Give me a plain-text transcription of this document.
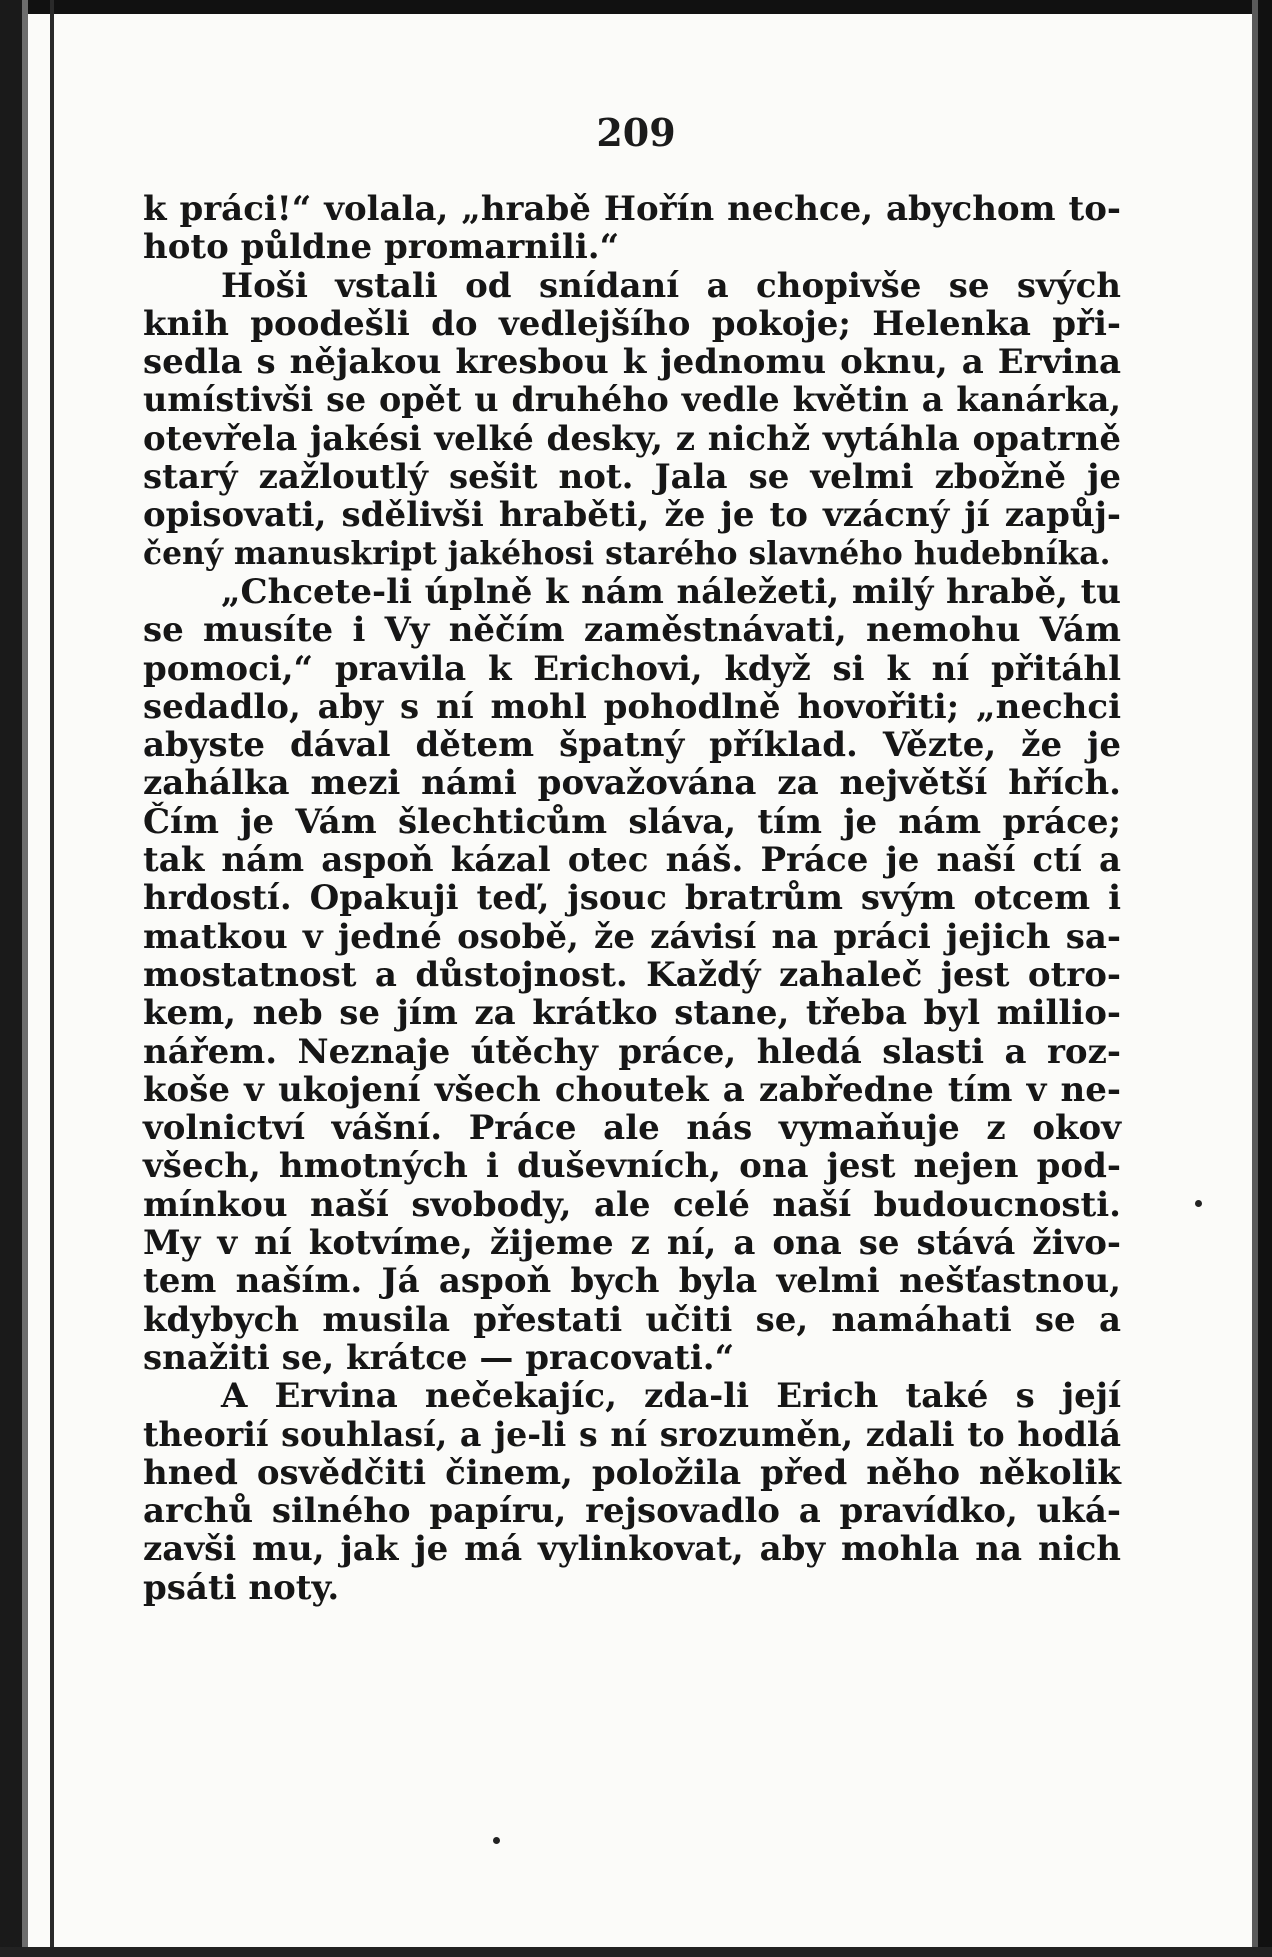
209
k práci!“ volala, „hrabě Hořín nechce, abychom to-
hoto půldne promarnili.“
Hoši vstali od snídaní a chopivše se svých
knih poodešli do vedlejšího pokoje; Helenka při-
sedla s nějakou kresbou k jednomu oknu, a Ervina
umístivši se opět u druhého vedle květin a kanárka,
otevřela jakési velké desky, z nichž vytáhla opatrně
starý zažloutlý sešit not. Jala se velmi zbožně je
opisovati, sdělivši hraběti, že je to vzácný jí zapůj-
čený manuskript jakéhosi starého slavného hudebníka.
„Chcete-li úplně k nám náležeti, milý hrabě, tu
se musíte i Vy něčím zaměstnávati, nemohu Vám
pomoci,“ pravila k Erichovi, když si k ní přitáhl
sedadlo, aby s ní mohl pohodlně hovořiti; „nechci
abyste dával dětem špatný příklad. Vězte, že je
zahálka mezi námi považována za největší hřích.
Čím je Vám šlechticům sláva, tím je nám práce;
tak nám aspoň kázal otec náš. Práce je naší ctí a
hrdostí. Opakuji teď, jsouc bratrům svým otcem i
matkou v jedné osobě, že závisí na práci jejich sa-
mostatnost a důstojnost. Každý zahaleč jest otro-
kem, neb se jím za krátko stane, třeba byl millio-
nářem. Neznaje útěchy práce, hledá slasti a roz-
koše v ukojení všech choutek a zabředne tím v ne-
volnictví vášní. Práce ale nás vymaňuje z okov
všech, hmotných i duševních, ona jest nejen pod-
mínkou naší svobody, ale celé naší budoucnosti.
My v ní kotvíme, žijeme z ní, a ona se stává živo-
tem naším. Já aspoň bych byla velmi nešťastnou,
kdybych musila přestati učiti se, namáhati se a
snažiti se, krátce — pracovati.“
A Ervina nečekajíc, zda-li Erich také s její
theorií souhlasí, a je-li s ní srozuměn, zdali to hodlá
hned osvědčiti činem, položila před něho několik
archů silného papíru, rejsovadlo a pravídko, uká-
zavši mu, jak je má vylinkovat, aby mohla na nich
psáti noty.
